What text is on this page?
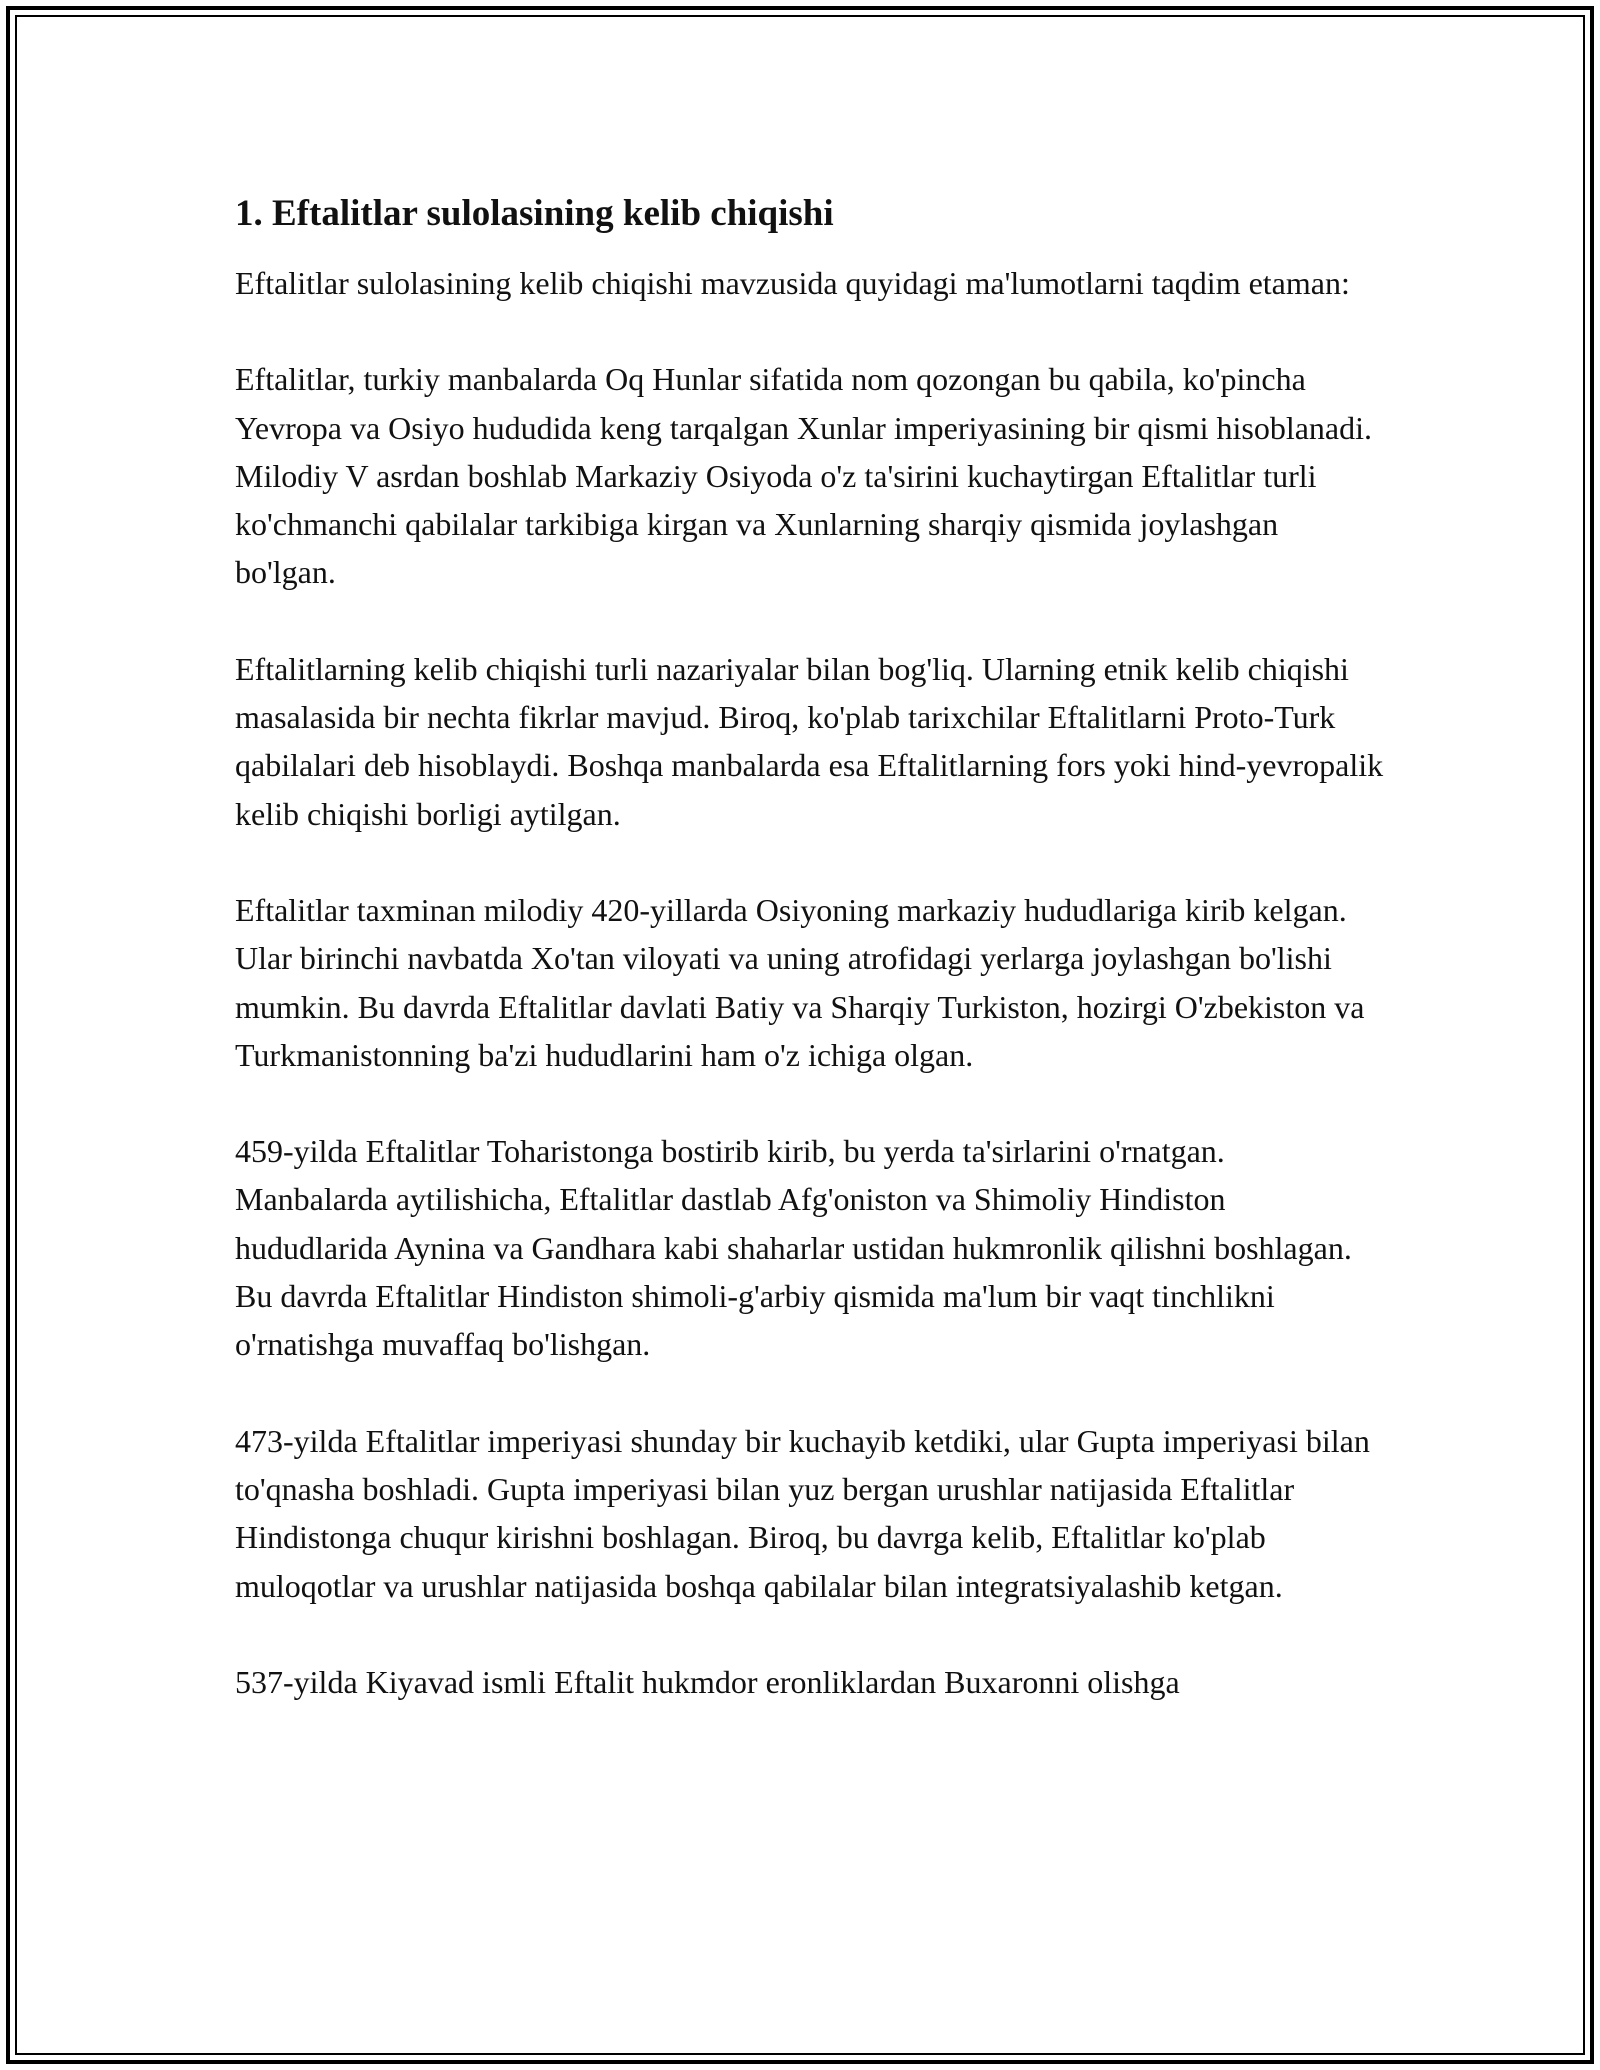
1. Eftalitlar sulolasining kelib chiqishi

Eftalitlar sulolasining kelib chiqishi mavzusida quyidagi ma'lumotlarni taqdim etaman:

Eftalitlar, turkiy manbalarda Oq Hunlar sifatida nom qozongan bu qabila, ko'pincha Yevropa va Osiyo hududida keng tarqalgan Xunlar imperiyasining bir qismi hisoblanadi. Milodiy V asrdan boshlab Markaziy Osiyoda o'z ta'sirini kuchaytirgan Eftalitlar turli ko'chmanchi qabilalar tarkibiga kirgan va Xunlarning sharqiy qismida joylashgan bo'lgan.

Eftalitlarning kelib chiqishi turli nazariyalar bilan bog'liq. Ularning etnik kelib chiqishi masalasida bir nechta fikrlar mavjud. Biroq, ko'plab tarixchilar Eftalitlarni Proto-Turk qabilalari deb hisoblaydi. Boshqa manbalarda esa Eftalitlarning fors yoki hind-yevropalik kelib chiqishi borligi aytilgan.

Eftalitlar taxminan milodiy 420-yillarda Osiyoning markaziy hududlariga kirib kelgan. Ular birinchi navbatda Xo'tan viloyati va uning atrofidagi yerlarga joylashgan bo'lishi mumkin. Bu davrda Eftalitlar davlati Batiy va Sharqiy Turkiston, hozirgi O'zbekiston va Turkmanistonning ba'zi hududlarini ham o'z ichiga olgan.

459-yilda Eftalitlar Toharistonga bostirib kirib, bu yerda ta'sirlarini o'rnatgan. Manbalarda aytilishicha, Eftalitlar dastlab Afg'oniston va Shimoliy Hindiston hududlarida Aynina va Gandhara kabi shaharlar ustidan hukmronlik qilishni boshlagan. Bu davrda Eftalitlar Hindiston shimoli-g'arbiy qismida ma'lum bir vaqt tinchlikni o'rnatishga muvaffaq bo'lishgan.

473-yilda Eftalitlar imperiyasi shunday bir kuchayib ketdiki, ular Gupta imperiyasi bilan to'qnasha boshladi. Gupta imperiyasi bilan yuz bergan urushlar natijasida Eftalitlar Hindistonga chuqur kirishni boshlagan. Biroq, bu davrga kelib, Eftalitlar ko'plab muloqotlar va urushlar natijasida boshqa qabilalar bilan integratsiyalashib ketgan.

537-yilda Kiyavad ismli Eftalit hukmdor eronliklardan Buxaronni olishga
